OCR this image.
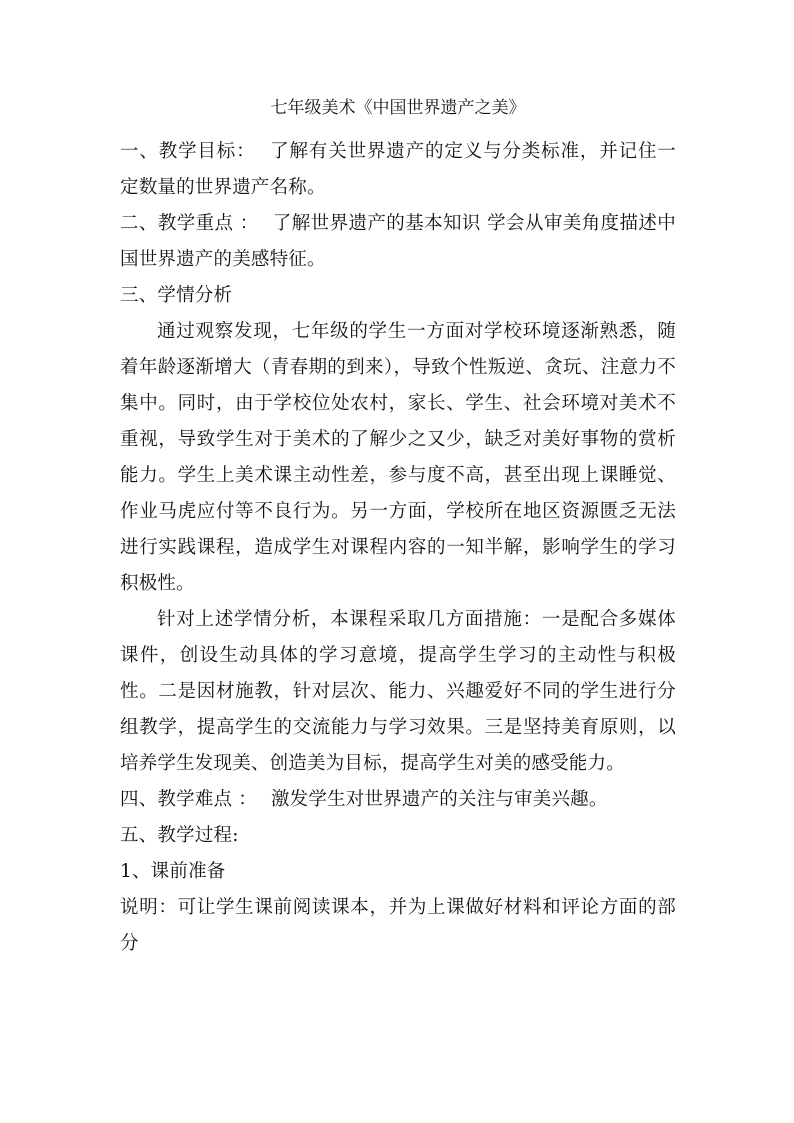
七年级美术《中国世界遗产之美》

一、教学目标： 了解有关世界遗产的定义与分类标准，并记住一定数量的世界遗产名称。

二、教学重点 ： 了解世界遗产的基本知识 学会从审美角度描述中国世界遗产的美感特征。

三、学情分析

通过观察发现，七年级的学生一方面对学校环境逐渐熟悉，随着年龄逐渐增大（青春期的到来），导致个性叛逆、贪玩、注意力不集中。同时，由于学校位处农村，家长、学生、社会环境对美术不重视，导致学生对于美术的了解少之又少，缺乏对美好事物的赏析能力。学生上美术课主动性差，参与度不高，甚至出现上课睡觉、作业马虎应付等不良行为。另一方面，学校所在地区资源匮乏无法进行实践课程，造成学生对课程内容的一知半解，影响学生的学习积极性。

针对上述学情分析，本课程采取几方面措施：一是配合多媒体课件，创设生动具体的学习意境，提高学生学习的主动性与积极性。二是因材施教，针对层次、能力、兴趣爱好不同的学生进行分组教学，提高学生的交流能力与学习效果。三是坚持美育原则，以培养学生发现美、创造美为目标，提高学生对美的感受能力。

四、教学难点 ： 激发学生对世界遗产的关注与审美兴趣。

五、教学过程:

1、课前准备

说明：可让学生课前阅读课本，并为上课做好材料和评论方面的部分
